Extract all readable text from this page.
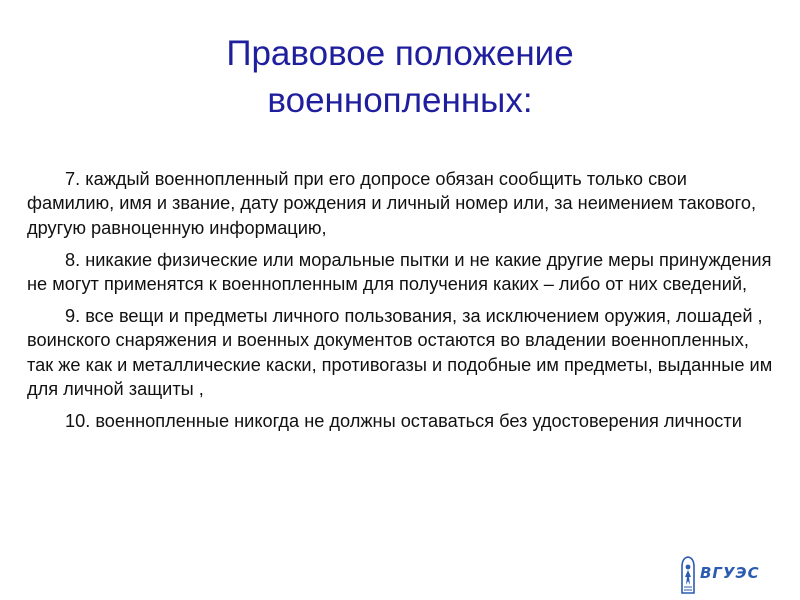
Правовое положение
военнопленных:

7. каждый военнопленный при его допросе обязан сообщить только свои фамилию, имя и звание, дату рождения и личный номер или, за неимением такового, другую равноценную информацию,

8. никакие физические или моральные пытки и не какие другие меры принуждения не могут применятся к военнопленным для получения каких – либо от них сведений,

9. все вещи и предметы личного пользования, за исключением оружия, лошадей , воинского снаряжения и военных документов остаются во владении военнопленных, так же как и металлические каски, противогазы и подобные им предметы, выданные им для личной защиты ,

10. военнопленные никогда не должны оставаться без удостоверения личности

ВГУЭС
